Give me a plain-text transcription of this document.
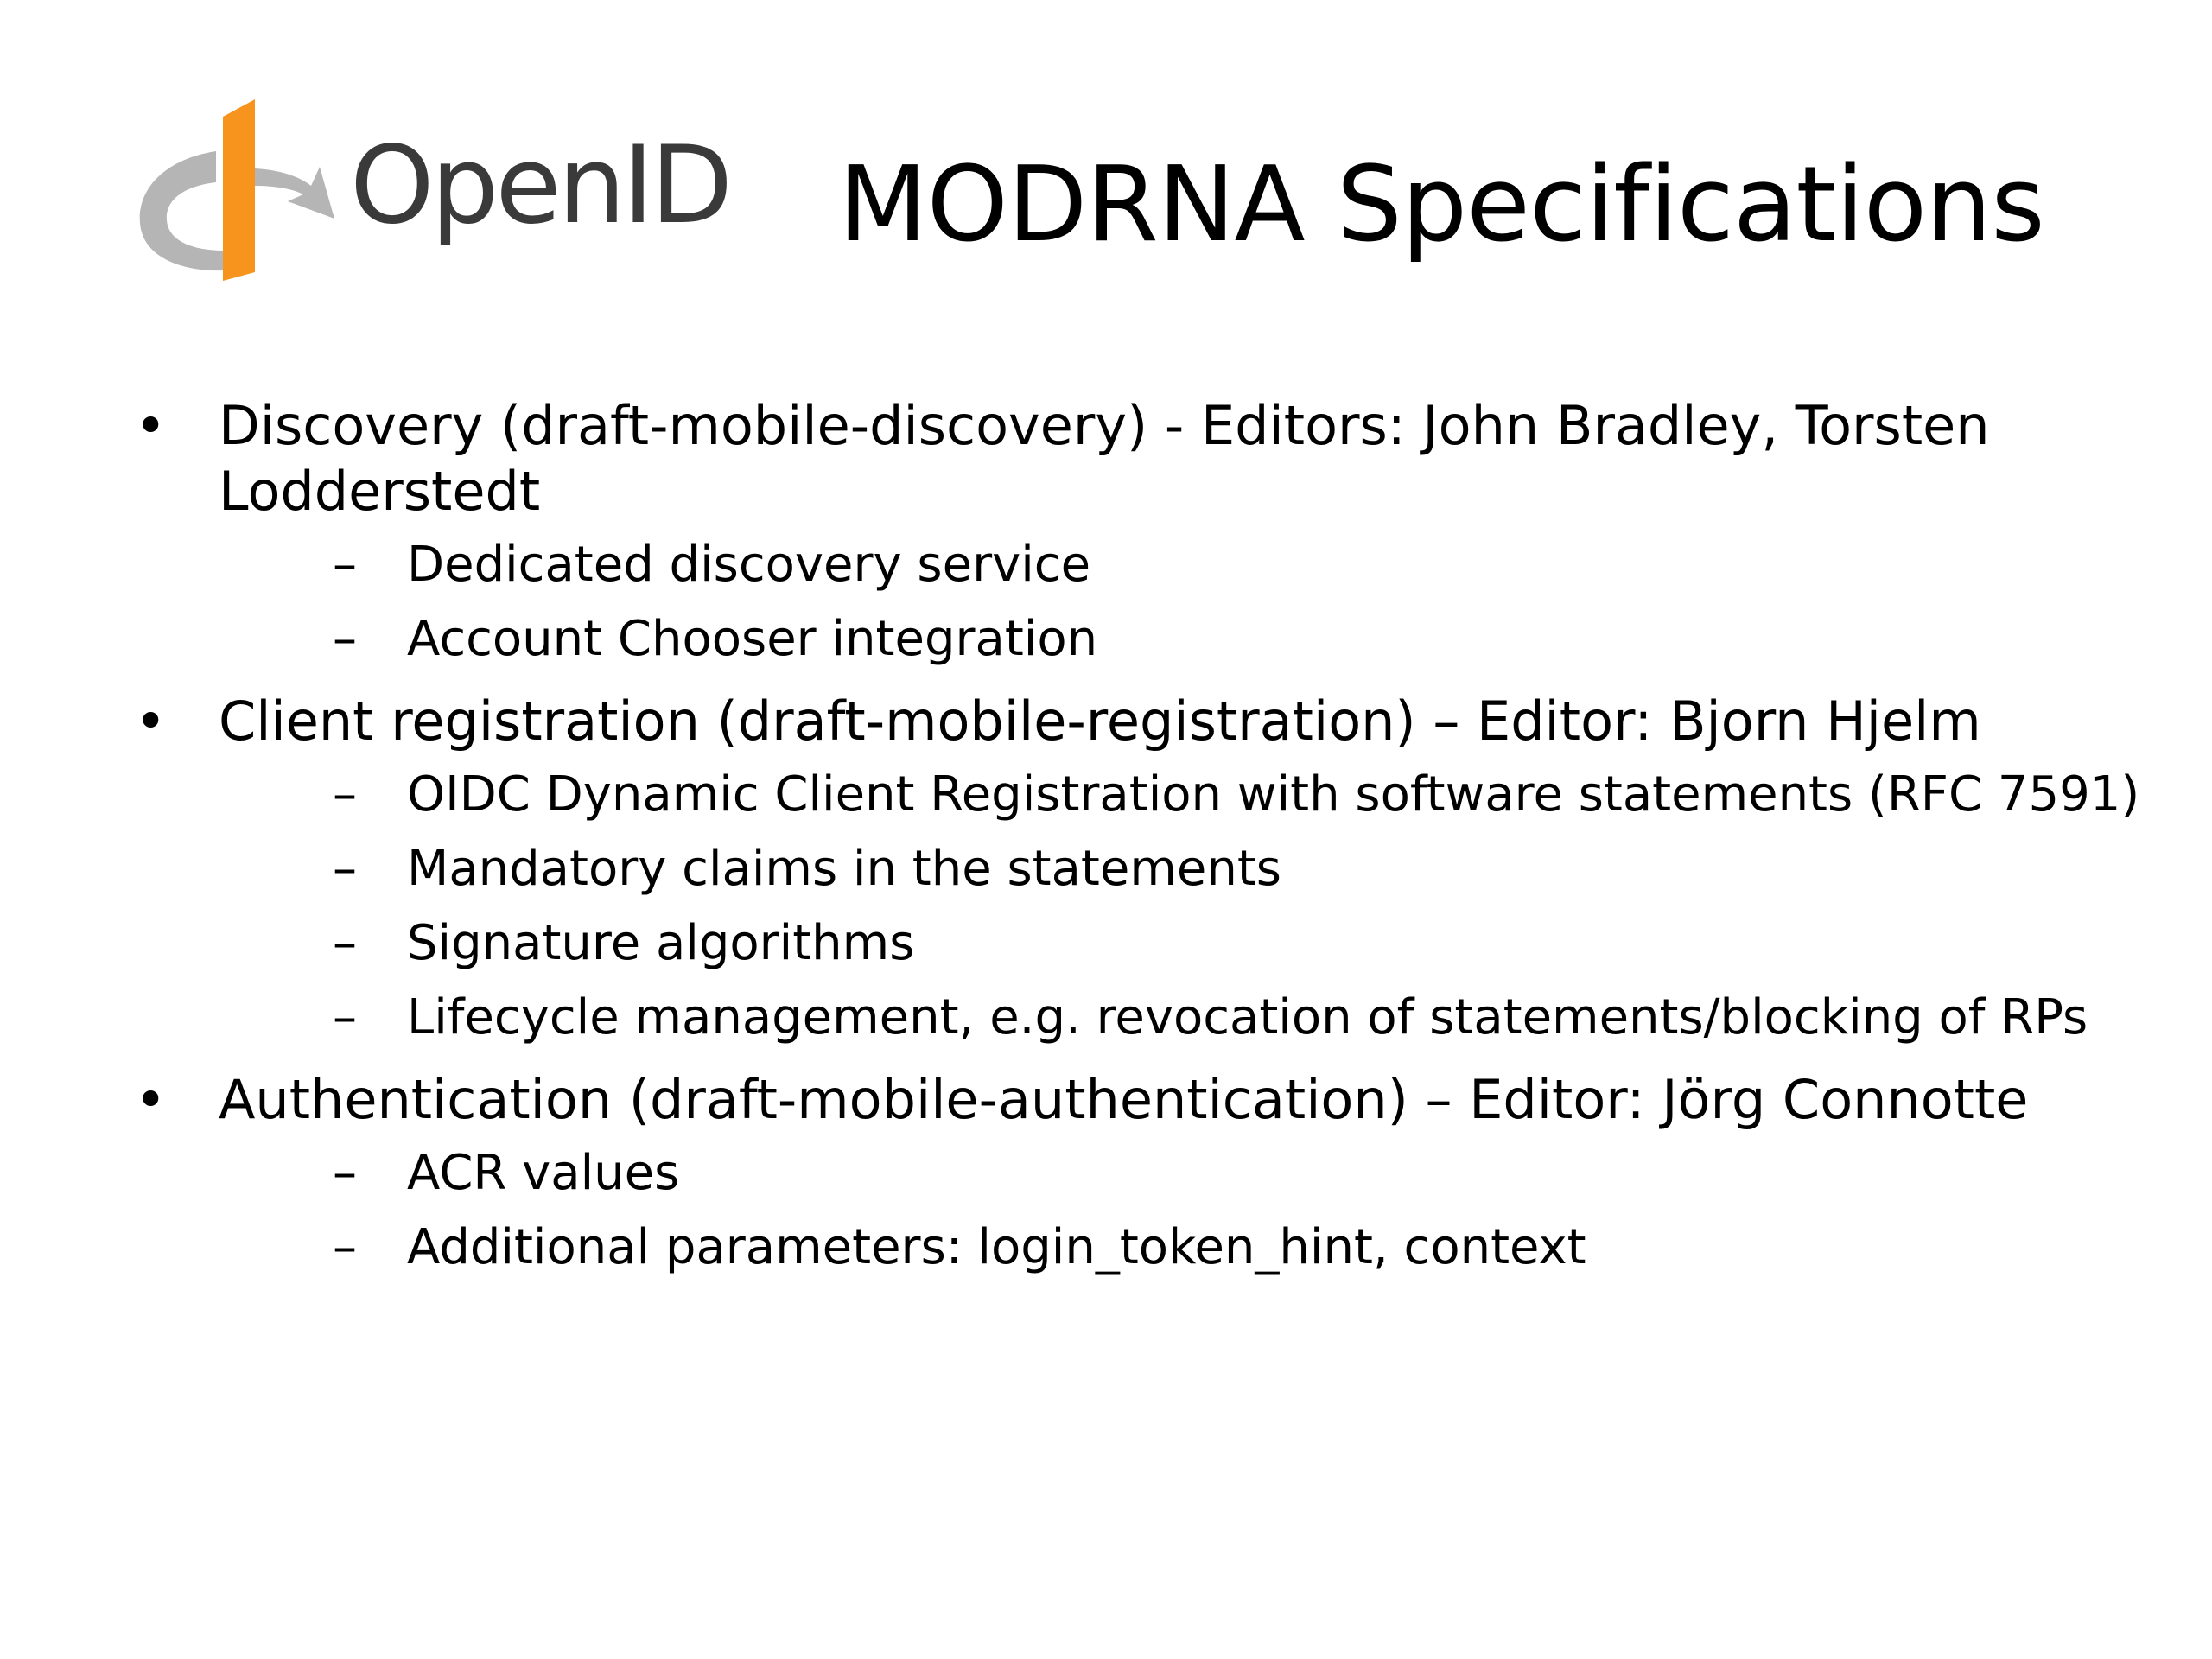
OpenID MODRNA Specifications
• Discovery (draft-mobile-discovery) - Editors: John Bradley, Torsten Lodderstedt
– Dedicated discovery service
– Account Chooser integration
• Client registration (draft-mobile-registration) – Editor: Bjorn Hjelm
– OIDC Dynamic Client Registration with software statements (RFC 7591)
– Mandatory claims in the statements
– Signature algorithms
– Lifecycle management, e.g. revocation of statements/blocking of RPs
• Authentication (draft-mobile-authentication) – Editor: Jörg Connotte
– ACR values
– Additional parameters: login_token_hint, context
